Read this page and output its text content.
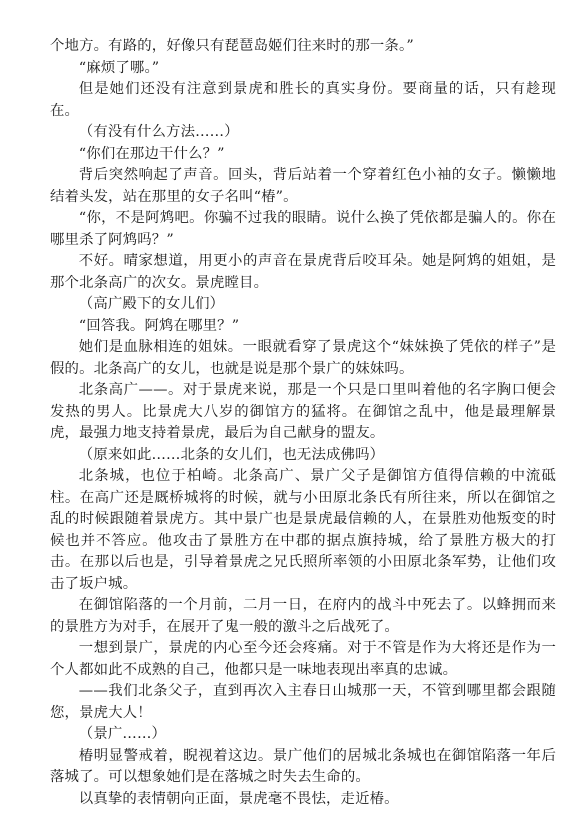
个地方。有路的，好像只有琵琶岛姬们往来时的那一条。”

“麻烦了哪。”

但是她们还没有注意到景虎和胜长的真实身份。要商量的话，只有趁现在。

（有没有什么方法……）

“你们在那边干什么？”

背后突然响起了声音。回头，背后站着一个穿着红色小袖的女子。懒懒地结着头发，站在那里的女子名叫“椿”。

“你，不是阿鸩吧。你骗不过我的眼睛。说什么换了凭依都是骗人的。你在哪里杀了阿鸩吗？”

不好。晴家想道，用更小的声音在景虎背后咬耳朵。她是阿鸩的姐姐，是那个北条高广的次女。景虎瞠目。

（高广殿下的女儿们）

“回答我。阿鸩在哪里？”

她们是血脉相连的姐妹。一眼就看穿了景虎这个“妹妹换了凭依的样子”是假的。北条高广的女儿，也就是说是那个景广的妹妹吗。

北条高广——。对于景虎来说，那是一个只是口里叫着他的名字胸口便会发热的男人。比景虎大八岁的御馆方的猛将。在御馆之乱中，他是最理解景虎，最强力地支持着景虎，最后为自己献身的盟友。

（原来如此……北条的女儿们，也无法成佛吗）

北条城，也位于柏崎。北条高广、景广父子是御馆方值得信赖的中流砥柱。在高广还是厩桥城将的时候，就与小田原北条氏有所往来，所以在御馆之乱的时候跟随着景虎方。其中景广也是景虎最信赖的人，在景胜劝他叛变的时候也并不答应。他攻击了景胜方在中郡的据点旗持城，给了景胜方极大的打击。在那以后也是，引导着景虎之兄氏照所率领的小田原北条军势，让他们攻击了坂户城。

在御馆陷落的一个月前，二月一日，在府内的战斗中死去了。以蜂拥而来的景胜方为对手，在展开了鬼一般的激斗之后战死了。

一想到景广，景虎的内心至今还会疼痛。对于不管是作为大将还是作为一个人都如此不成熟的自己，他都只是一味地表现出率真的忠诚。

——我们北条父子，直到再次入主春日山城那一天，不管到哪里都会跟随您，景虎大人！

（景广……）

椿明显警戒着，睨视着这边。景广他们的居城北条城也在御馆陷落一年后落城了。可以想象她们是在落城之时失去生命的。

以真挚的表情朝向正面，景虎毫不畏怯，走近椿。
